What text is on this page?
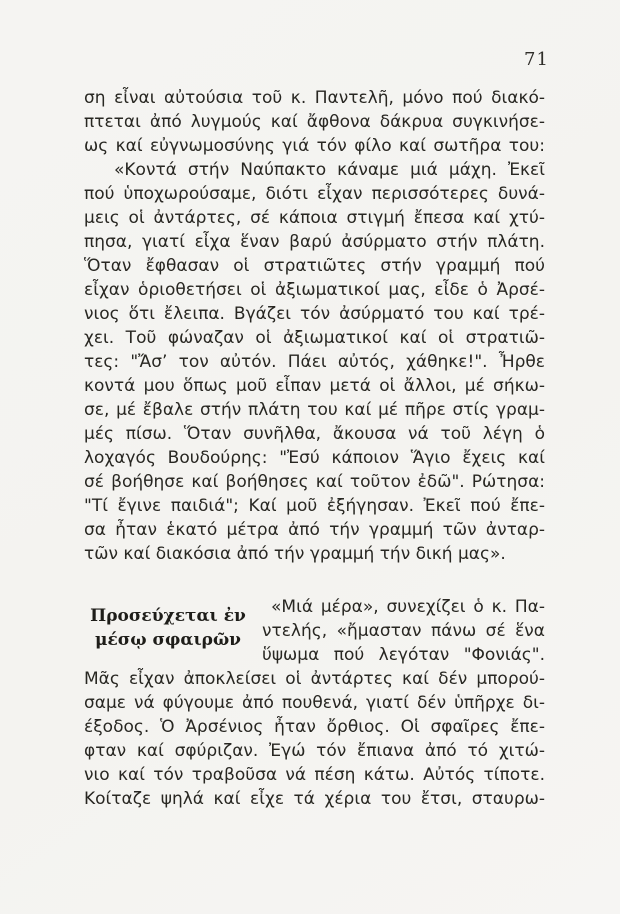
71
ση εἶναι αὐτούσια τοῦ κ. Παντελῆ, μόνο πού διακό-
πτεται ἀπό λυγμούς καί ἄφθονα δάκρυα συγκινήσε-
ως καί εὐγνωμοσύνης γιά τόν φίλο καί σωτῆρα του:
«Κοντά στήν Ναύπακτο κάναμε μιά μάχη. Ἐκεῖ
πού ὑποχωρούσαμε, διότι εἶχαν περισσότερες δυνά-
μεις οἱ ἀντάρτες, σέ κάποια στιγμή ἔπεσα καί χτύ-
πησα, γιατί εἶχα ἕναν βαρύ ἀσύρματο στήν πλάτη.
Ὅταν ἔφθασαν οἱ στρατιῶτες στήν γραμμή πού
εἶχαν ὁριοθετήσει οἱ ἀξιωματικοί μας, εἶδε ὁ Ἀρσέ-
νιος ὅτι ἔλειπα. Βγάζει τόν ἀσύρματό του καί τρέ-
χει. Τοῦ φώναζαν οἱ ἀξιωματικοί καί οἱ στρατιῶ-
τες: "Ἄσ’ τον αὐτόν. Πάει αὐτός, χάθηκε!". Ἦρθε
κοντά μου ὅπως μοῦ εἶπαν μετά οἱ ἄλλοι, μέ σήκω-
σε, μέ ἔβαλε στήν πλάτη του καί μέ πῆρε στίς γραμ-
μές πίσω. Ὅταν συνῆλθα, ἄκουσα νά τοῦ λέγη ὁ
λοχαγός Βουδούρης: "Ἐσύ κάποιον Ἅγιο ἔχεις καί
σέ βοήθησε καί βοήθησες καί τοῦτον ἐδῶ". Ρώτησα:
"Τί ἔγινε παιδιά"; Καί μοῦ ἐξήγησαν. Ἐκεῖ πού ἔπε-
σα ἦταν ἑκατό μέτρα ἀπό τήν γραμμή τῶν ἀνταρ-
τῶν καί διακόσια ἀπό τήν γραμμή τήν δική μας».
Προσεύχεται ἐν
μέσῳ σφαιρῶν
«Μιά μέρα», συνεχίζει ὁ κ. Πα-
ντελής, «ἤμασταν πάνω σέ ἕνα
ὕψωμα πού λεγόταν "Φονιάς".
Μᾶς εἶχαν ἀποκλείσει οἱ ἀντάρτες καί δέν μπορού-
σαμε νά φύγουμε ἀπό πουθενά, γιατί δέν ὑπῆρχε δι-
έξοδος. Ὁ Ἀρσένιος ἦταν ὄρθιος. Οἱ σφαῖρες ἔπε-
φταν καί σφύριζαν. Ἐγώ τόν ἔπιανα ἀπό τό χιτώ-
νιο καί τόν τραβοῦσα νά πέση κάτω. Αὐτός τίποτε.
Κοίταζε ψηλά καί εἶχε τά χέρια του ἔτσι, σταυρω-
